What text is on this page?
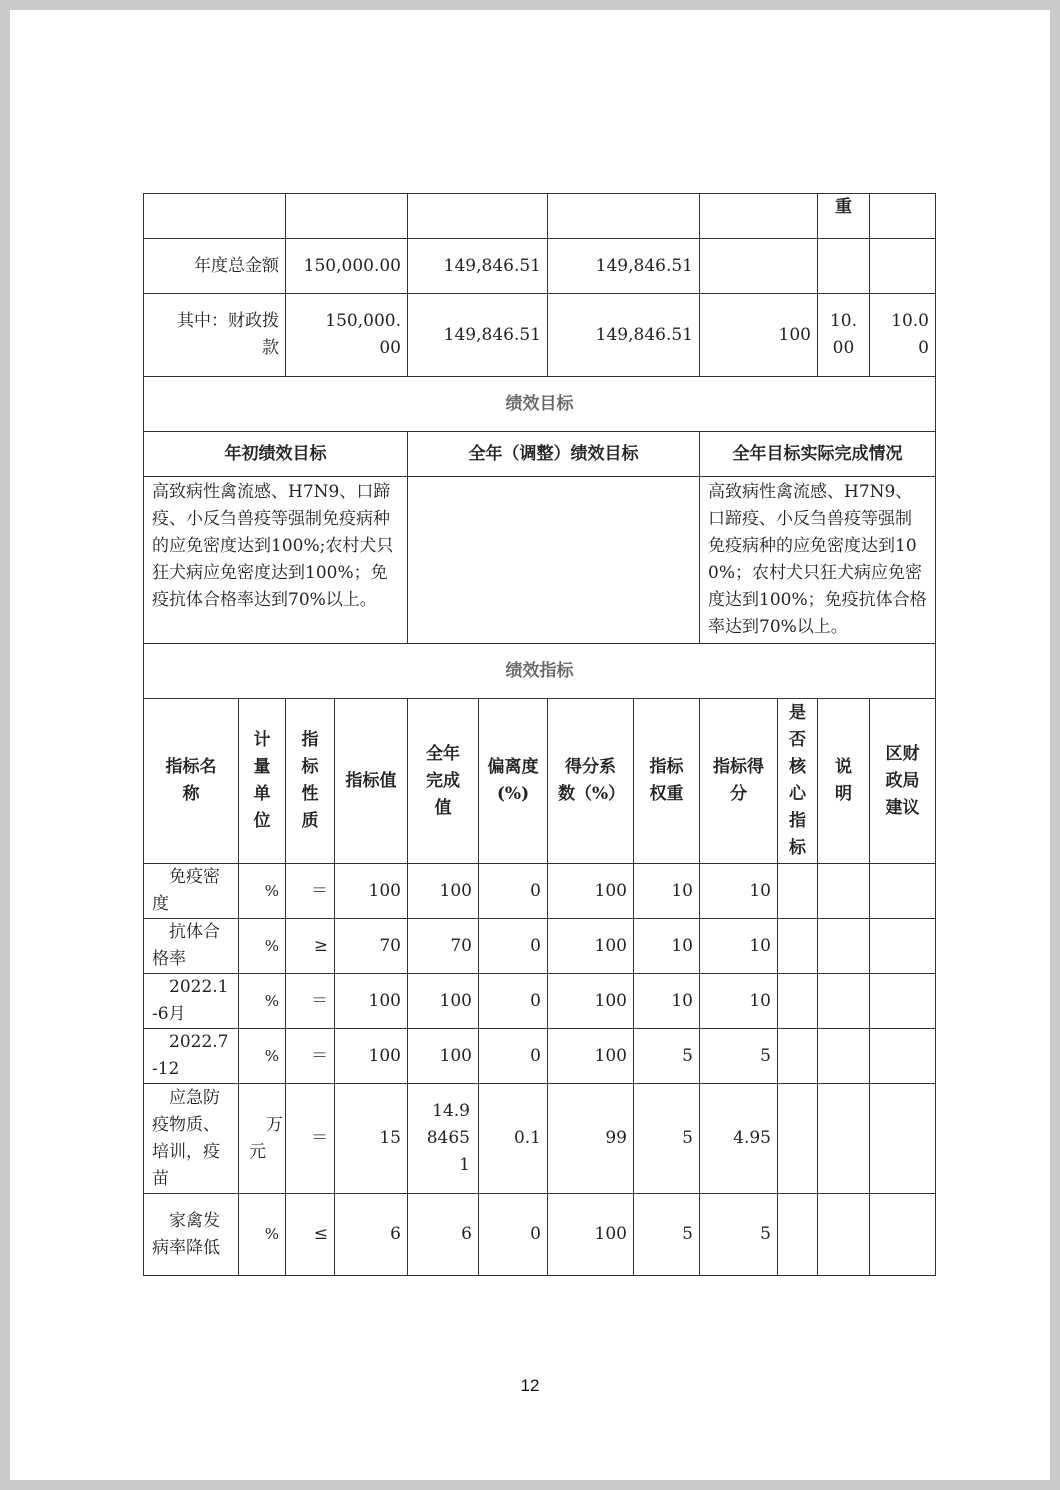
										重	
年度总金额		150,000.00		149,846.51		149,846.51					
其中：财政拨款		150,000.00		149,846.51		149,846.51		100		10.00	10.00
绩效目标											
年初绩效目标				全年（调整）绩效目标				全年目标实际完成情况			
高致病性禽流感、H7N9、口蹄疫、小反刍兽疫等强制免疫病种的应免密度达到100%;农村犬只狂犬病应免密度达到100%；免疫抗体合格率达到70%以上。								高致病性禽流感、H7N9、口蹄疫、小反刍兽疫等强制免疫病种的应免密度达到100%；农村犬只狂犬病应免密度达到100%；免疫抗体合格率达到70%以上。			
绩效指标											
指标名称	计量单位	指标性质	指标值	全年完成值	偏离度(%)	得分系数（%）	指标权重	指标得分	是否核心指标	说明	区财政局建议
免疫密度	%	＝	100	100	0	100	10	10			
抗体合格率	%	≥	70	70	0	100	10	10			
2022.1-6月	%	＝	100	100	0	100	10	10			
2022.7-12	%	＝	100	100	0	100	5	5			
应急防疫物质、培训，疫苗	万元	＝	15	14.984651	0.1	99	5	4.95			
家禽发病率降低	%	≤	6	6	0	100	5	5			
12
